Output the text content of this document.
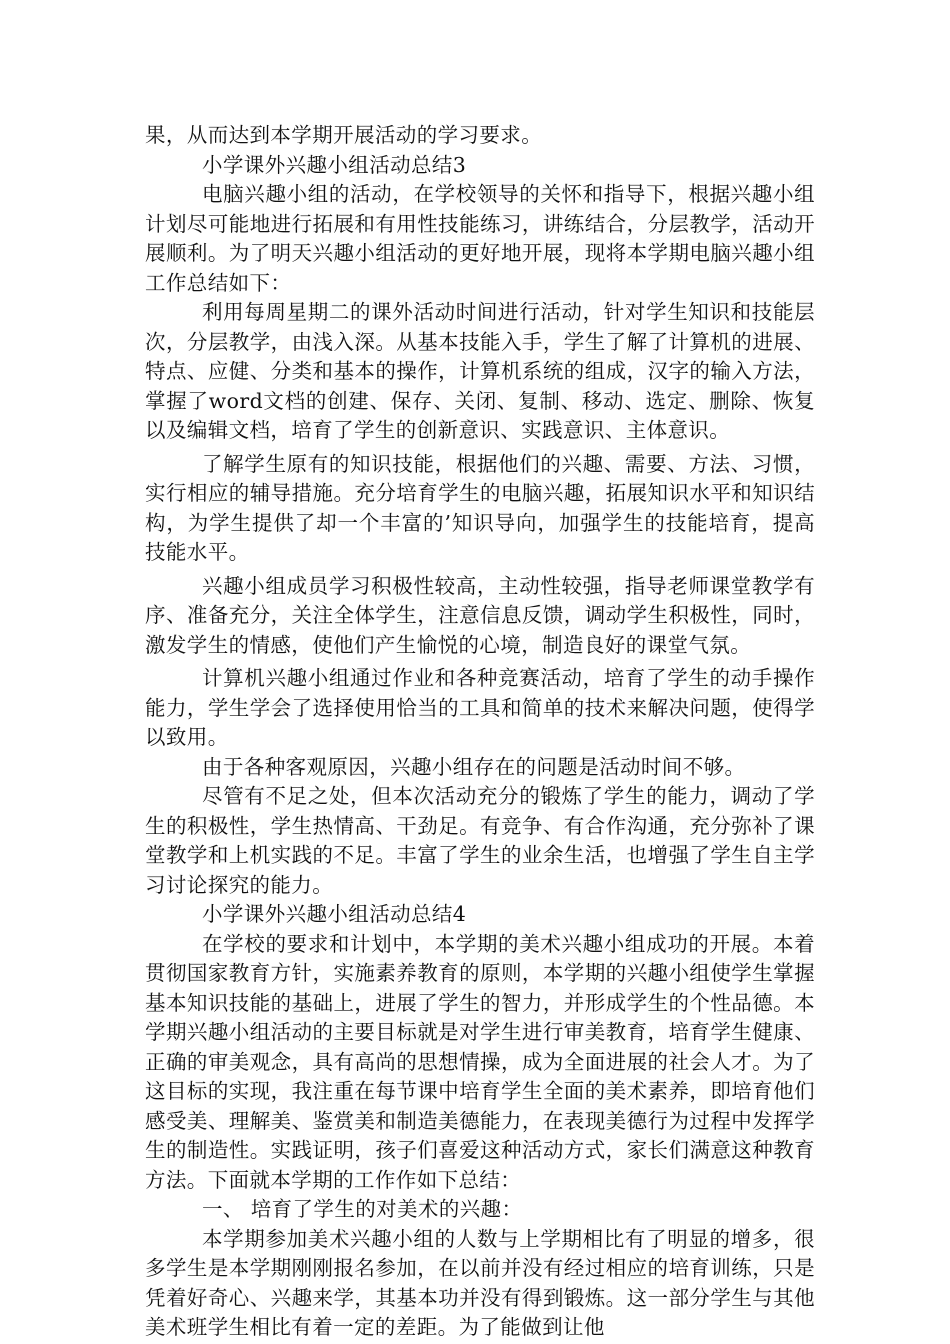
果，从而达到本学期开展活动的学习要求。

小学课外兴趣小组活动总结3

电脑兴趣小组的活动，在学校领导的关怀和指导下，根据兴趣小组计划尽可能地进行拓展和有用性技能练习，讲练结合，分层教学，活动开展顺利。为了明天兴趣小组活动的更好地开展，现将本学期电脑兴趣小组工作总结如下：

利用每周星期二的课外活动时间进行活动，针对学生知识和技能层次，分层教学，由浅入深。从基本技能入手，学生了解了计算机的进展、特点、应健、分类和基本的操作，计算机系统的组成，汉字的输入方法，掌握了word文档的创建、保存、关闭、复制、移动、选定、删除、恢复以及编辑文档，培育了学生的创新意识、实践意识、主体意识。

了解学生原有的知识技能，根据他们的兴趣、需要、方法、习惯，实行相应的辅导措施。充分培育学生的电脑兴趣，拓展知识水平和知识结构，为学生提供了却一个丰富的’知识导向，加强学生的技能培育，提高技能水平。

兴趣小组成员学习积极性较高，主动性较强，指导老师课堂教学有序、准备充分，关注全体学生，注意信息反馈，调动学生积极性，同时，激发学生的情感，使他们产生愉悦的心境，制造良好的课堂气氛。

计算机兴趣小组通过作业和各种竞赛活动，培育了学生的动手操作能力，学生学会了选择使用恰当的工具和简单的技术来解决问题，使得学以致用。

由于各种客观原因，兴趣小组存在的问题是活动时间不够。

尽管有不足之处，但本次活动充分的锻炼了学生的能力，调动了学生的积极性，学生热情高、干劲足。有竞争、有合作沟通，充分弥补了课堂教学和上机实践的不足。丰富了学生的业余生活，也增强了学生自主学习讨论探究的能力。

小学课外兴趣小组活动总结4

在学校的要求和计划中，本学期的美术兴趣小组成功的开展。本着贯彻国家教育方针，实施素养教育的原则，本学期的兴趣小组使学生掌握基本知识技能的基础上，进展了学生的智力，并形成学生的个性品德。本学期兴趣小组活动的主要目标就是对学生进行审美教育，培育学生健康、正确的审美观念，具有高尚的思想情操，成为全面进展的社会人才。为了这目标的实现，我注重在每节课中培育学生全面的美术素养，即培育他们感受美、理解美、鉴赏美和制造美德能力，在表现美德行为过程中发挥学生的制造性。实践证明，孩子们喜爱这种活动方式，家长们满意这种教育方法。下面就本学期的工作作如下总结：

一、 培育了学生的对美术的兴趣：

本学期参加美术兴趣小组的人数与上学期相比有了明显的增多，很多学生是本学期刚刚报名参加，在以前并没有经过相应的培育训练，只是凭着好奇心、兴趣来学，其基本功并没有得到锻炼。这一部分学生与其他美术班学生相比有着一定的差距。为了能做到让他
